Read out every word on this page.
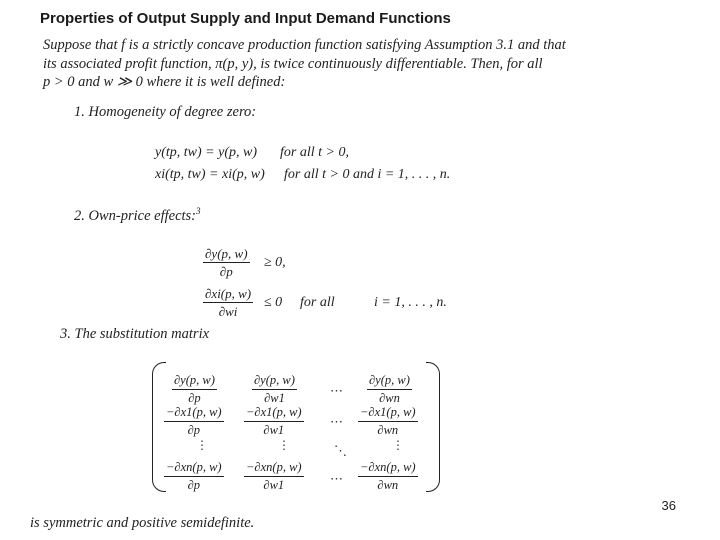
Properties of Output Supply and Input Demand Functions
Suppose that f is a strictly concave production function satisfying Assumption 3.1 and that
its associated profit function, π(p, y), is twice continuously differentiable. Then, for all
p > 0 and w ≫ 0 where it is well defined:
1. Homogeneity of degree zero:
y(tp, tw) = y(p, w) for all t > 0,
xi(tp, tw) = xi(p, w) for all t > 0 and i = 1, . . . , n.
2. Own-price effects:$^3$
$\frac{\partial y(p, w)}{\partial p} \ge 0$,
$\frac{\partial xi(p, w)}{\partial wi} \le 0$ for all	i = 1, . . . , n.
3. The substitution matrix
$\frac{\partial y(p, w)}{\partial p}$	$\frac{\partial y(p, w)}{\partial w1}$	⋯ $\frac{\partial y(p, w)}{\partial wn}$
$\frac{-\partial x1(p, w)}{\partial p} \frac{-\partial x1(p, w)}{\partial w1}$ ⋯ $\frac{-\partial x1(p, w)}{\partial wn}$
⋮	⋮	⋱	⋮
$\frac{-\partial xn(p, w)}{\partial p} \frac{-\partial xn(p, w)}{\partial w1}$ ⋯ $\frac{-\partial xn(p, w)}{\partial wn}$
36
is symmetric and positive semidefinite.
